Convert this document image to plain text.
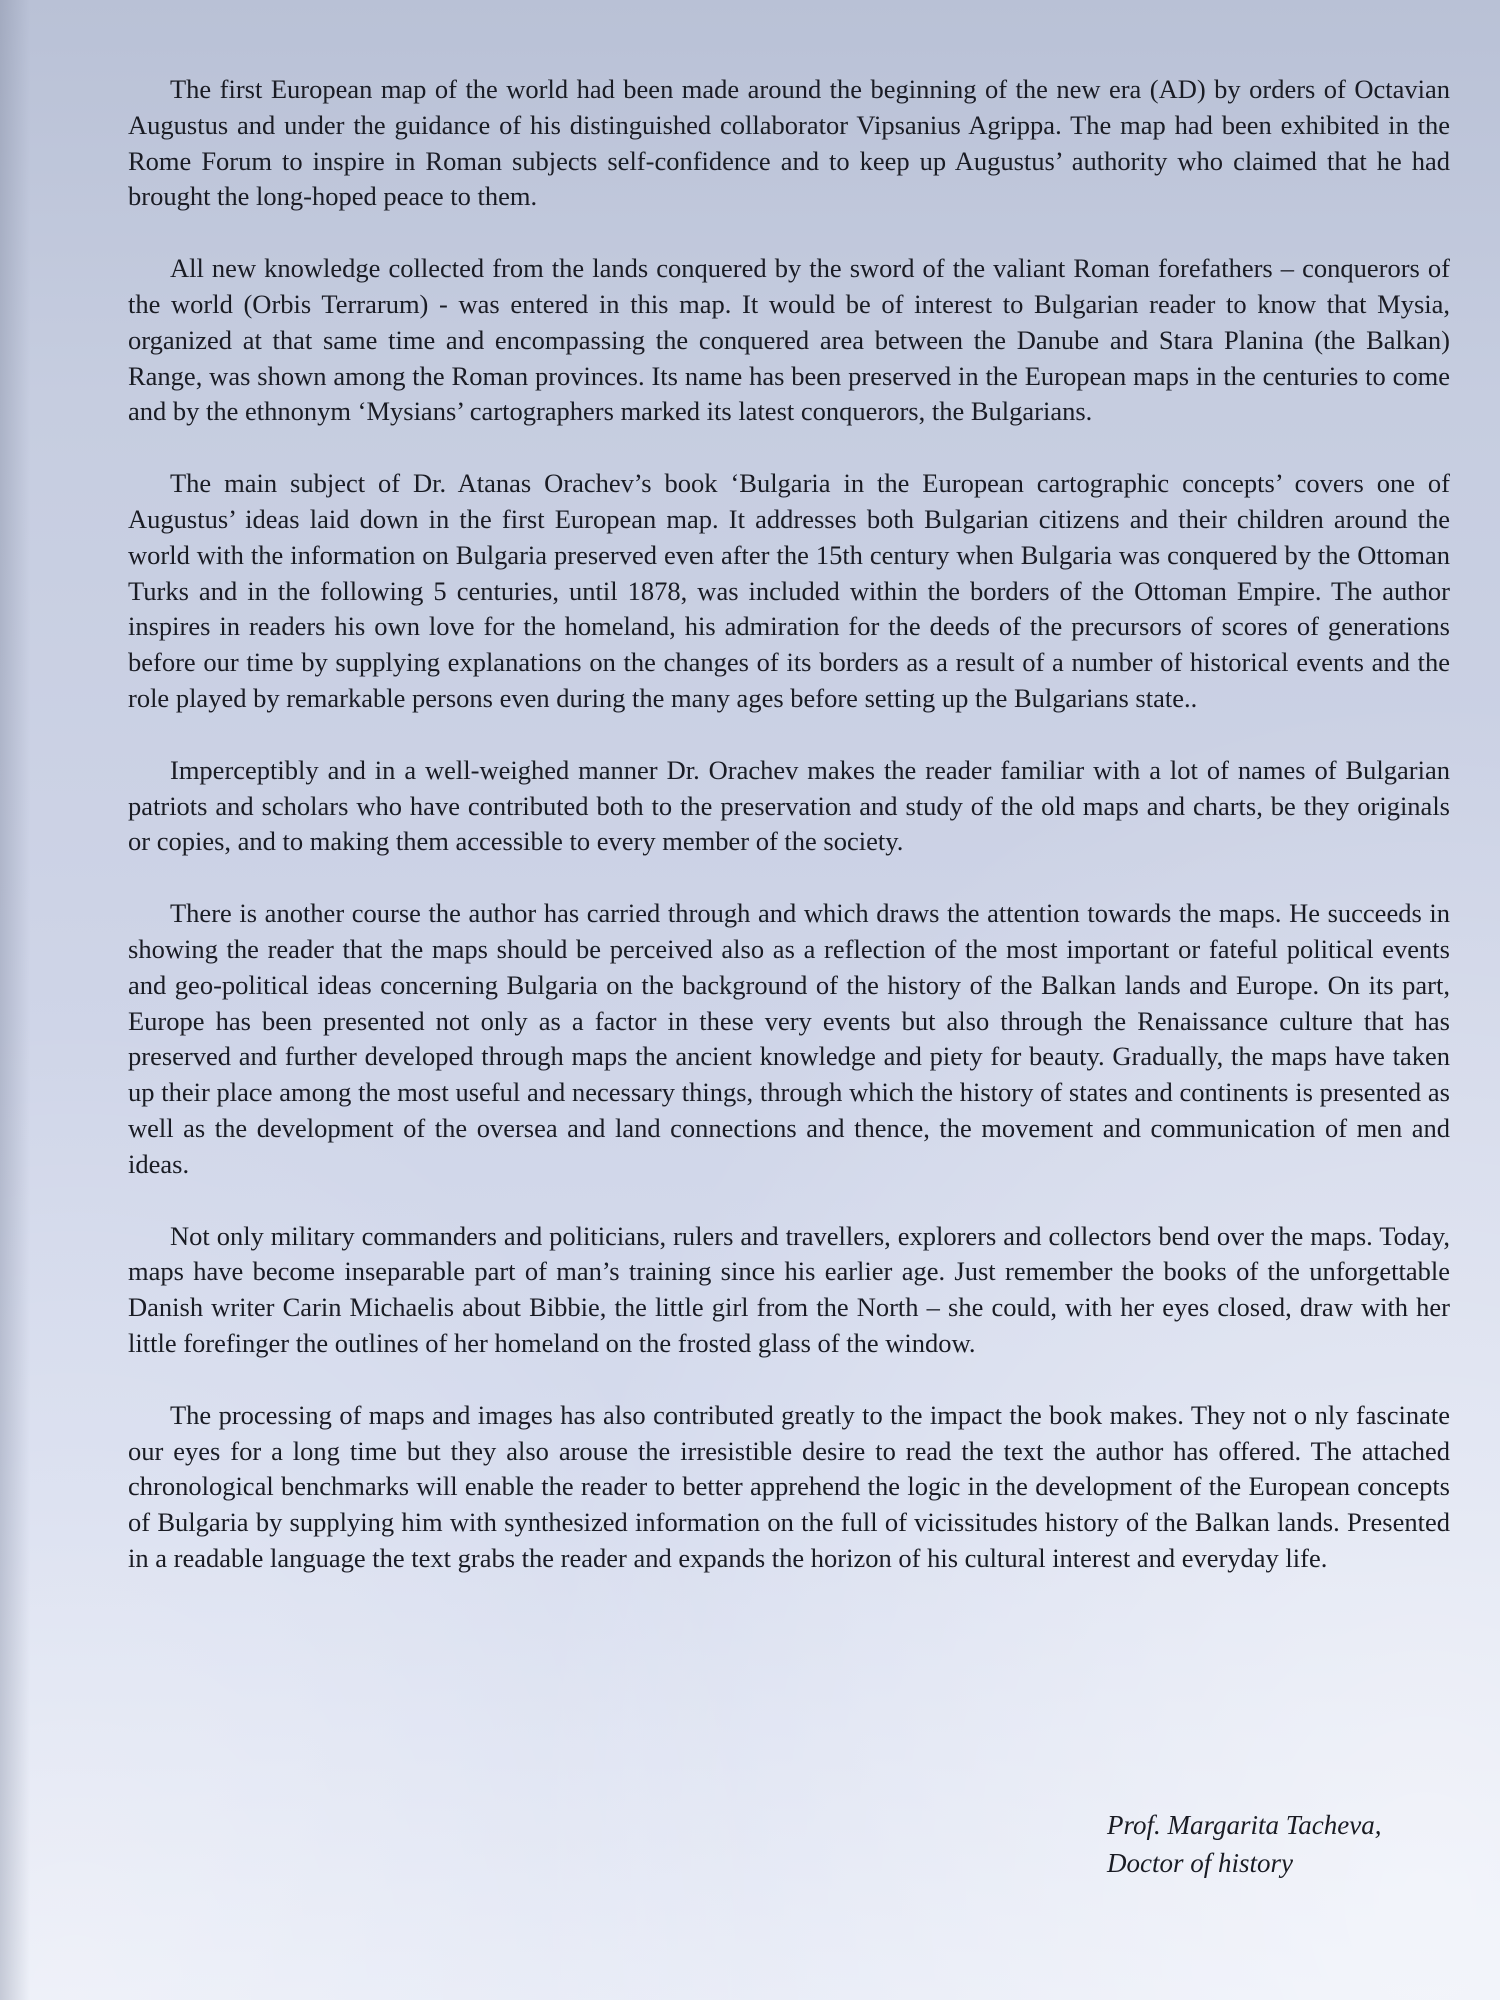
The first European map of the world had been made around the beginning of the new era (AD) by orders of Octavian Augustus and under the guidance of his distinguished collaborator Vipsanius Agrippa. The map had been exhibited in the Rome Forum to inspire in Roman subjects self-confidence and to keep up Augustus’ authority who claimed that he had brought the long-hoped peace to them.

All new knowledge collected from the lands conquered by the sword of the valiant Roman forefathers – conquerors of the world (Orbis Terrarum) - was entered in this map. It would be of interest to Bulgarian reader to know that Mysia, organized at that same time and encompassing the conquered area between the Danube and Stara Planina (the Balkan) Range, was shown among the Roman provinces. Its name has been preserved in the European maps in the centuries to come and by the ethnonym ‘Mysians’ cartographers marked its latest conquerors, the Bulgarians.

The main subject of Dr. Atanas Orachev’s book ‘Bulgaria in the European cartographic concepts’ covers one of Augustus’ ideas laid down in the first European map. It addresses both Bulgarian citizens and their children around the world with the information on Bulgaria preserved even after the 15th century when Bulgaria was conquered by the Ottoman Turks and in the following 5 centuries, until 1878, was included within the borders of the Ottoman Empire. The author inspires in readers his own love for the homeland, his admiration for the deeds of the precursors of scores of generations before our time by supplying explanations on the changes of its borders as a result of a number of historical events and the role played by remarkable persons even during the many ages before setting up the Bulgarians state..

Imperceptibly and in a well-weighed manner Dr. Orachev makes the reader familiar with a lot of names of Bulgarian patriots and scholars who have contributed both to the preservation and study of the old maps and charts, be they originals or copies, and to making them accessible to every member of the society.

There is another course the author has carried through and which draws the attention towards the maps. He succeeds in showing the reader that the maps should be perceived also as a reflection of the most important or fateful political events and geo-political ideas concerning Bulgaria on the background of the history of the Balkan lands and Europe. On its part, Europe has been presented not only as a factor in these very events but also through the Renaissance culture that has preserved and further developed through maps the ancient knowledge and piety for beauty. Gradually, the maps have taken up their place among the most useful and necessary things, through which the history of states and continents is presented as well as the development of the oversea and land connections and thence, the movement and communication of men and ideas.

Not only military commanders and politicians, rulers and travellers, explorers and collectors bend over the maps. Today, maps have become inseparable part of man’s training since his earlier age. Just remember the books of the unforgettable Danish writer Carin Michaelis about Bibbie, the little girl from the North – she could, with her eyes closed, draw with her little forefinger the outlines of her homeland on the frosted glass of the window.

The processing of maps and images has also contributed greatly to the impact the book makes. They not o nly fascinate our eyes for a long time but they also arouse the irresistible desire to read the text the author has offered. The attached chronological benchmarks will enable the reader to better apprehend the logic in the development of the European concepts of Bulgaria by supplying him with synthesized information on the full of vicissitudes history of the Balkan lands. Presented in a readable language the text grabs the reader and expands the horizon of his cultural interest and everyday life.

Prof. Margarita Tacheva,
Doctor of history
